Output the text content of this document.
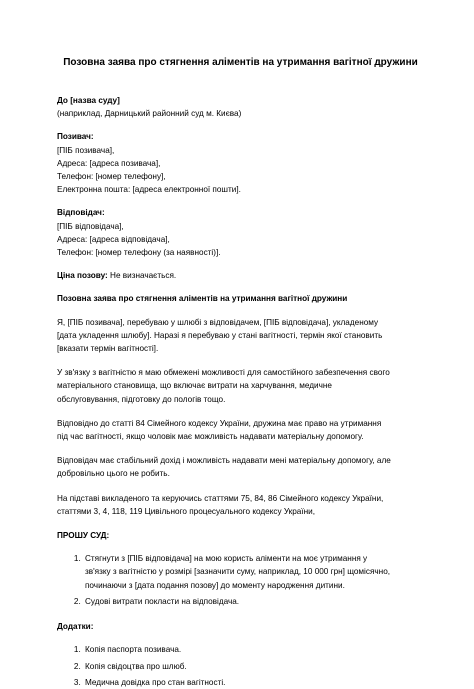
Позовна заява про стягнення аліментів на утримання вагітної дружини
До [назва суду]
(наприклад, Дарницький районний суд м. Києва)
Позивач:
[ПІБ позивача],
Адреса: [адреса позивача],
Телефон: [номер телефону],
Електронна пошта: [адреса електронної пошти].
Відповідач:
[ПІБ відповідача],
Адреса: [адреса відповідача],
Телефон: [номер телефону (за наявності)].
Ціна позову: Не визначається.
Позовна заява про стягнення аліментів на утримання вагітної дружини
Я, [ПІБ позивача], перебуваю у шлюбі з відповідачем, [ПІБ відповідача], укладеному
[дата укладення шлюбу]. Наразі я перебуваю у стані вагітності, термін якої становить
[вказати термін вагітності].
У зв'язку з вагітністю я маю обмежені можливості для самостійного забезпечення свого
матеріального становища, що включає витрати на харчування, медичне
обслуговування, підготовку до пологів тощо.
Відповідно до статті 84 Сімейного кодексу України, дружина має право на утримання
під час вагітності, якщо чоловік має можливість надавати матеріальну допомогу.
Відповідач має стабільний дохід і можливість надавати мені матеріальну допомогу, але
добровільно цього не робить.
На підставі викладеного та керуючись статтями 75, 84, 86 Сімейного кодексу України,
статтями 3, 4, 118, 119 Цивільного процесуального кодексу України,
ПРОШУ СУД:
1. Стягнути з [ПІБ відповідача] на мою користь аліменти на моє утримання у
зв'язку з вагітністю у розмірі [зазначити суму, наприклад, 10 000 грн] щомісячно,
починаючи з [дата подання позову] до моменту народження дитини.
2. Судові витрати покласти на відповідача.
Додатки:
1. Копія паспорта позивача.
2. Копія свідоцтва про шлюб.
3. Медична довідка про стан вагітності.
